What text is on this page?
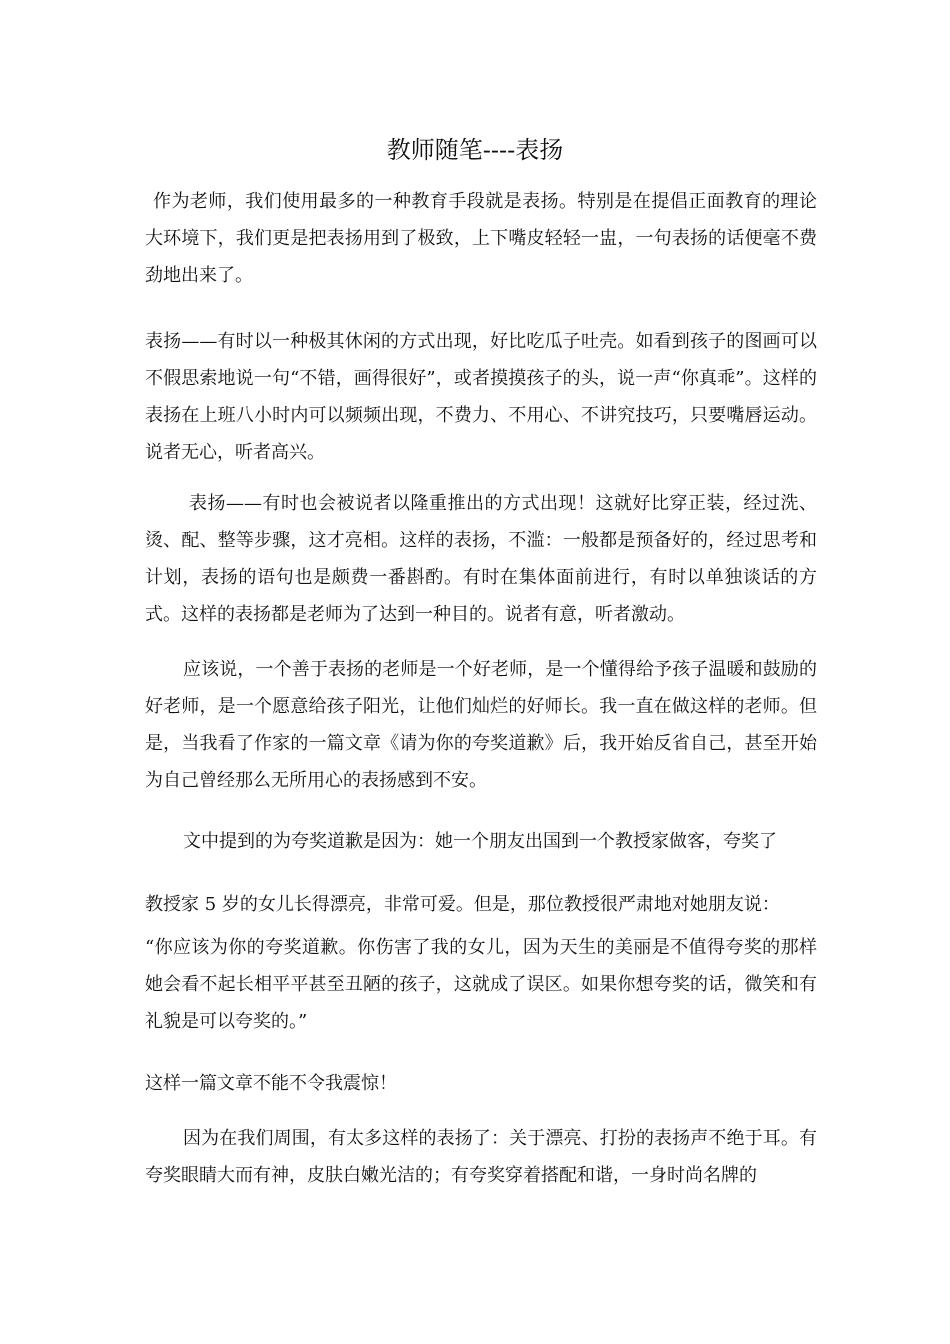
教师随笔----表扬

作为老师，我们使用最多的一种教育手段就是表扬。特别是在提倡正面教育的理论大环境下，我们更是把表扬用到了极致，上下嘴皮轻轻一盅，一句表扬的话便毫不费劲地出来了。

表扬——有时以一种极其休闲的方式出现，好比吃瓜子吐壳。如看到孩子的图画可以不假思索地说一句“不错，画得很好”，或者摸摸孩子的头，说一声“你真乖”。这样的表扬在上班八小时内可以频频出现，不费力、不用心、不讲究技巧，只要嘴唇运动。说者无心，听者高兴。

表扬——有时也会被说者以隆重推出的方式出现！这就好比穿正装，经过洗、烫、配、整等步骤，这才亮相。这样的表扬，不滥：一般都是预备好的，经过思考和计划，表扬的语句也是颇费一番斟酌。有时在集体面前进行，有时以单独谈话的方式。这样的表扬都是老师为了达到一种目的。说者有意，听者激动。

应该说，一个善于表扬的老师是一个好老师，是一个懂得给予孩子温暖和鼓励的好老师，是一个愿意给孩子阳光，让他们灿烂的好师长。我一直在做这样的老师。但是，当我看了作家的一篇文章《请为你的夸奖道歉》后，我开始反省自己，甚至开始为自己曾经那么无所用心的表扬感到不安。

文中提到的为夸奖道歉是因为：她一个朋友出国到一个教授家做客，夸奖了

教授家 5 岁的女儿长得漂亮，非常可爱。但是，那位教授很严肃地对她朋友说：

“你应该为你的夸奖道歉。你伤害了我的女儿，因为天生的美丽是不值得夸奖的那样她会看不起长相平平甚至丑陋的孩子，这就成了误区。如果你想夸奖的话，微笑和有礼貌是可以夸奖的。”

这样一篇文章不能不令我震惊！

因为在我们周围，有太多这样的表扬了：关于漂亮、打扮的表扬声不绝于耳。有夸奖眼睛大而有神，皮肤白嫩光洁的；有夸奖穿着搭配和谐，一身时尚名牌的
